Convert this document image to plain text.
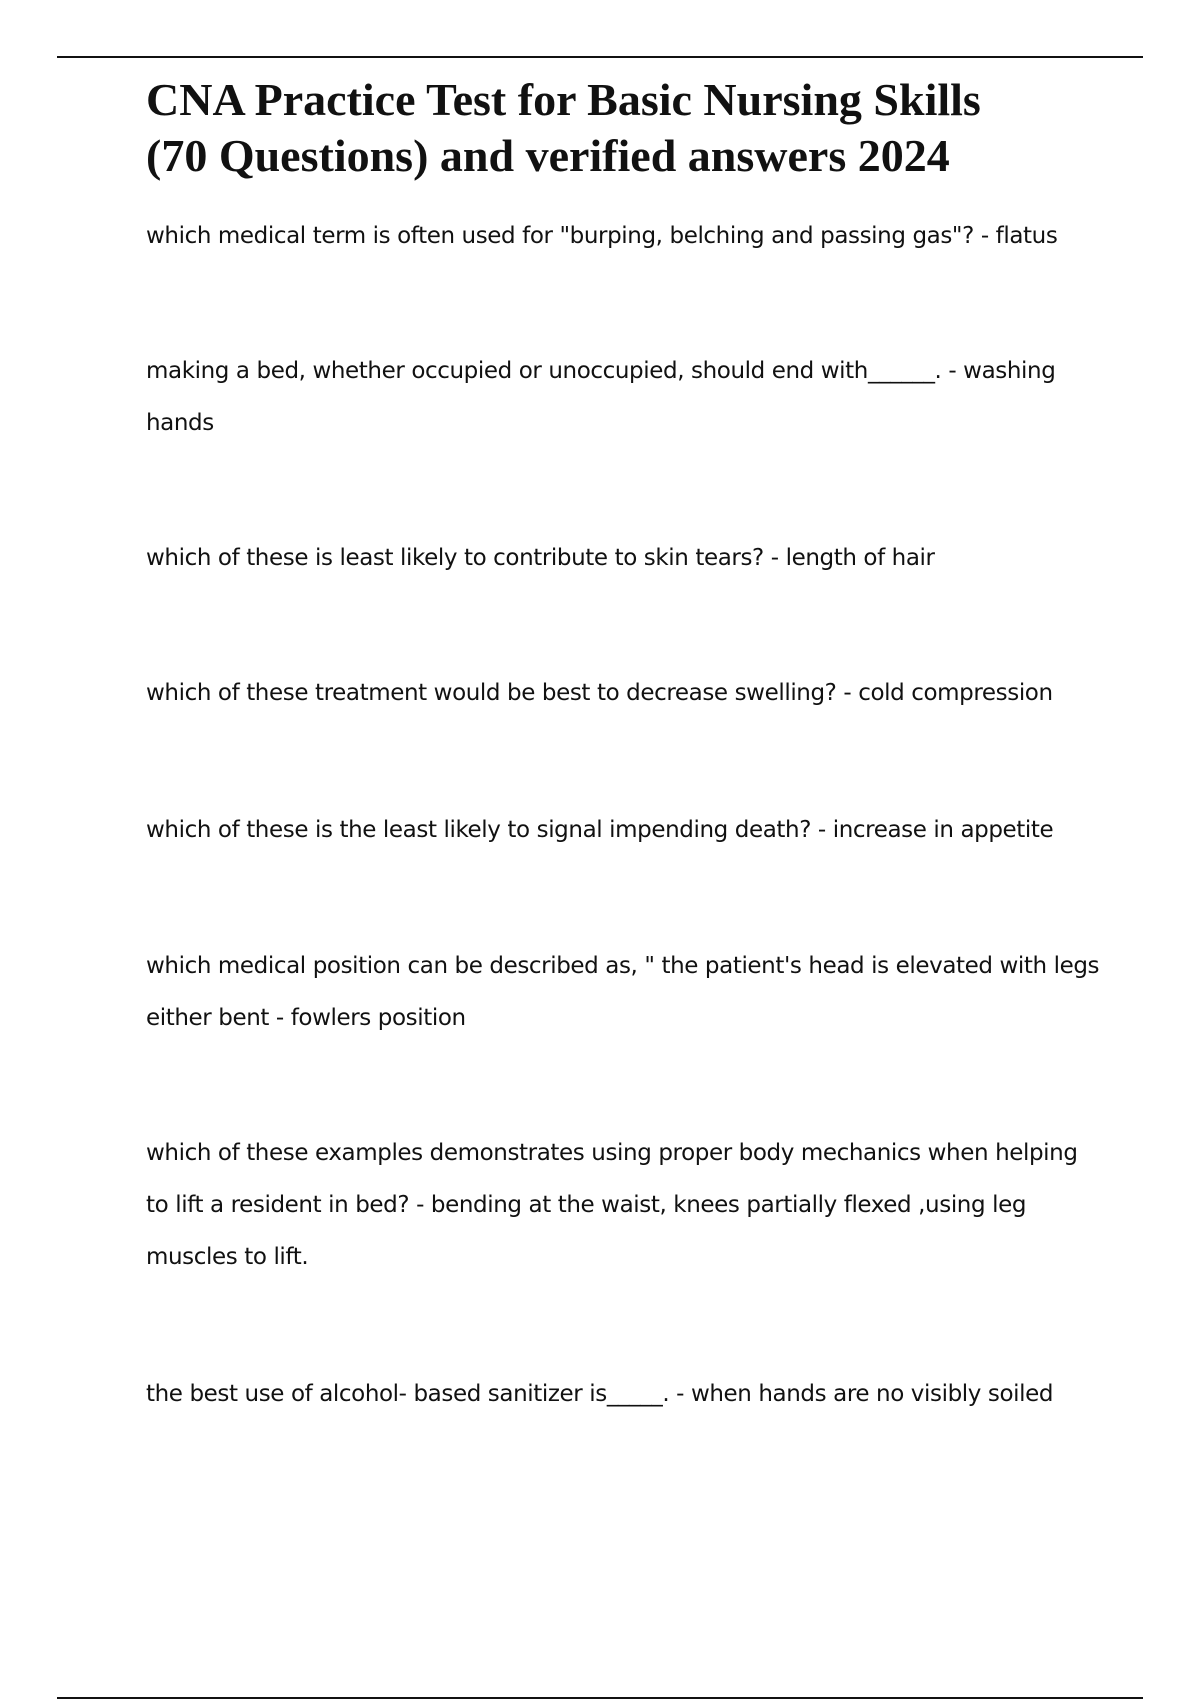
CNA Practice Test for Basic Nursing Skills
(70 Questions) and verified answers 2024
which medical term is often used for "burping, belching and passing gas"? - flatus
making a bed, whether occupied or unoccupied, should end with______. - washing hands
which of these is least likely to contribute to skin tears? - length of hair
which of these treatment would be best to decrease swelling? - cold compression
which of these is the least likely to signal impending death? - increase in appetite
which medical position can be described as, " the patient's head is elevated with legs either bent - fowlers position
which of these examples demonstrates using proper body mechanics when helping to lift a resident in bed? - bending at the waist, knees partially flexed ,using leg muscles to lift.
the best use of alcohol- based sanitizer is_____. - when hands are no visibly soiled
